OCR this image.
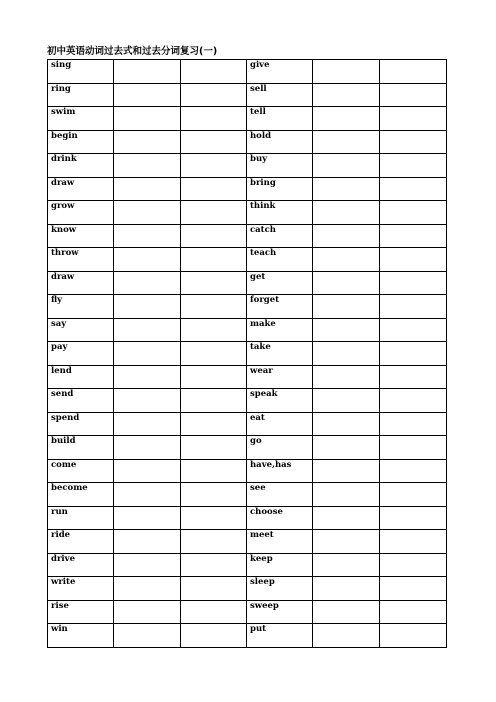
初中英语动词过去式和过去分词复习(一)
sing			give		
ring			sell		
swim			tell		
begin			hold		
drink			buy		
draw			bring		
grow			think		
know			catch		
throw			teach		
draw			get		
fly			forget		
say			make		
pay			take		
lend			wear		
send			speak		
spend			eat		
build			go		
come			have,has		
become			see		
run			choose		
ride			meet		
drive			keep		
write			sleep		
rise			sweep		
win			put		
